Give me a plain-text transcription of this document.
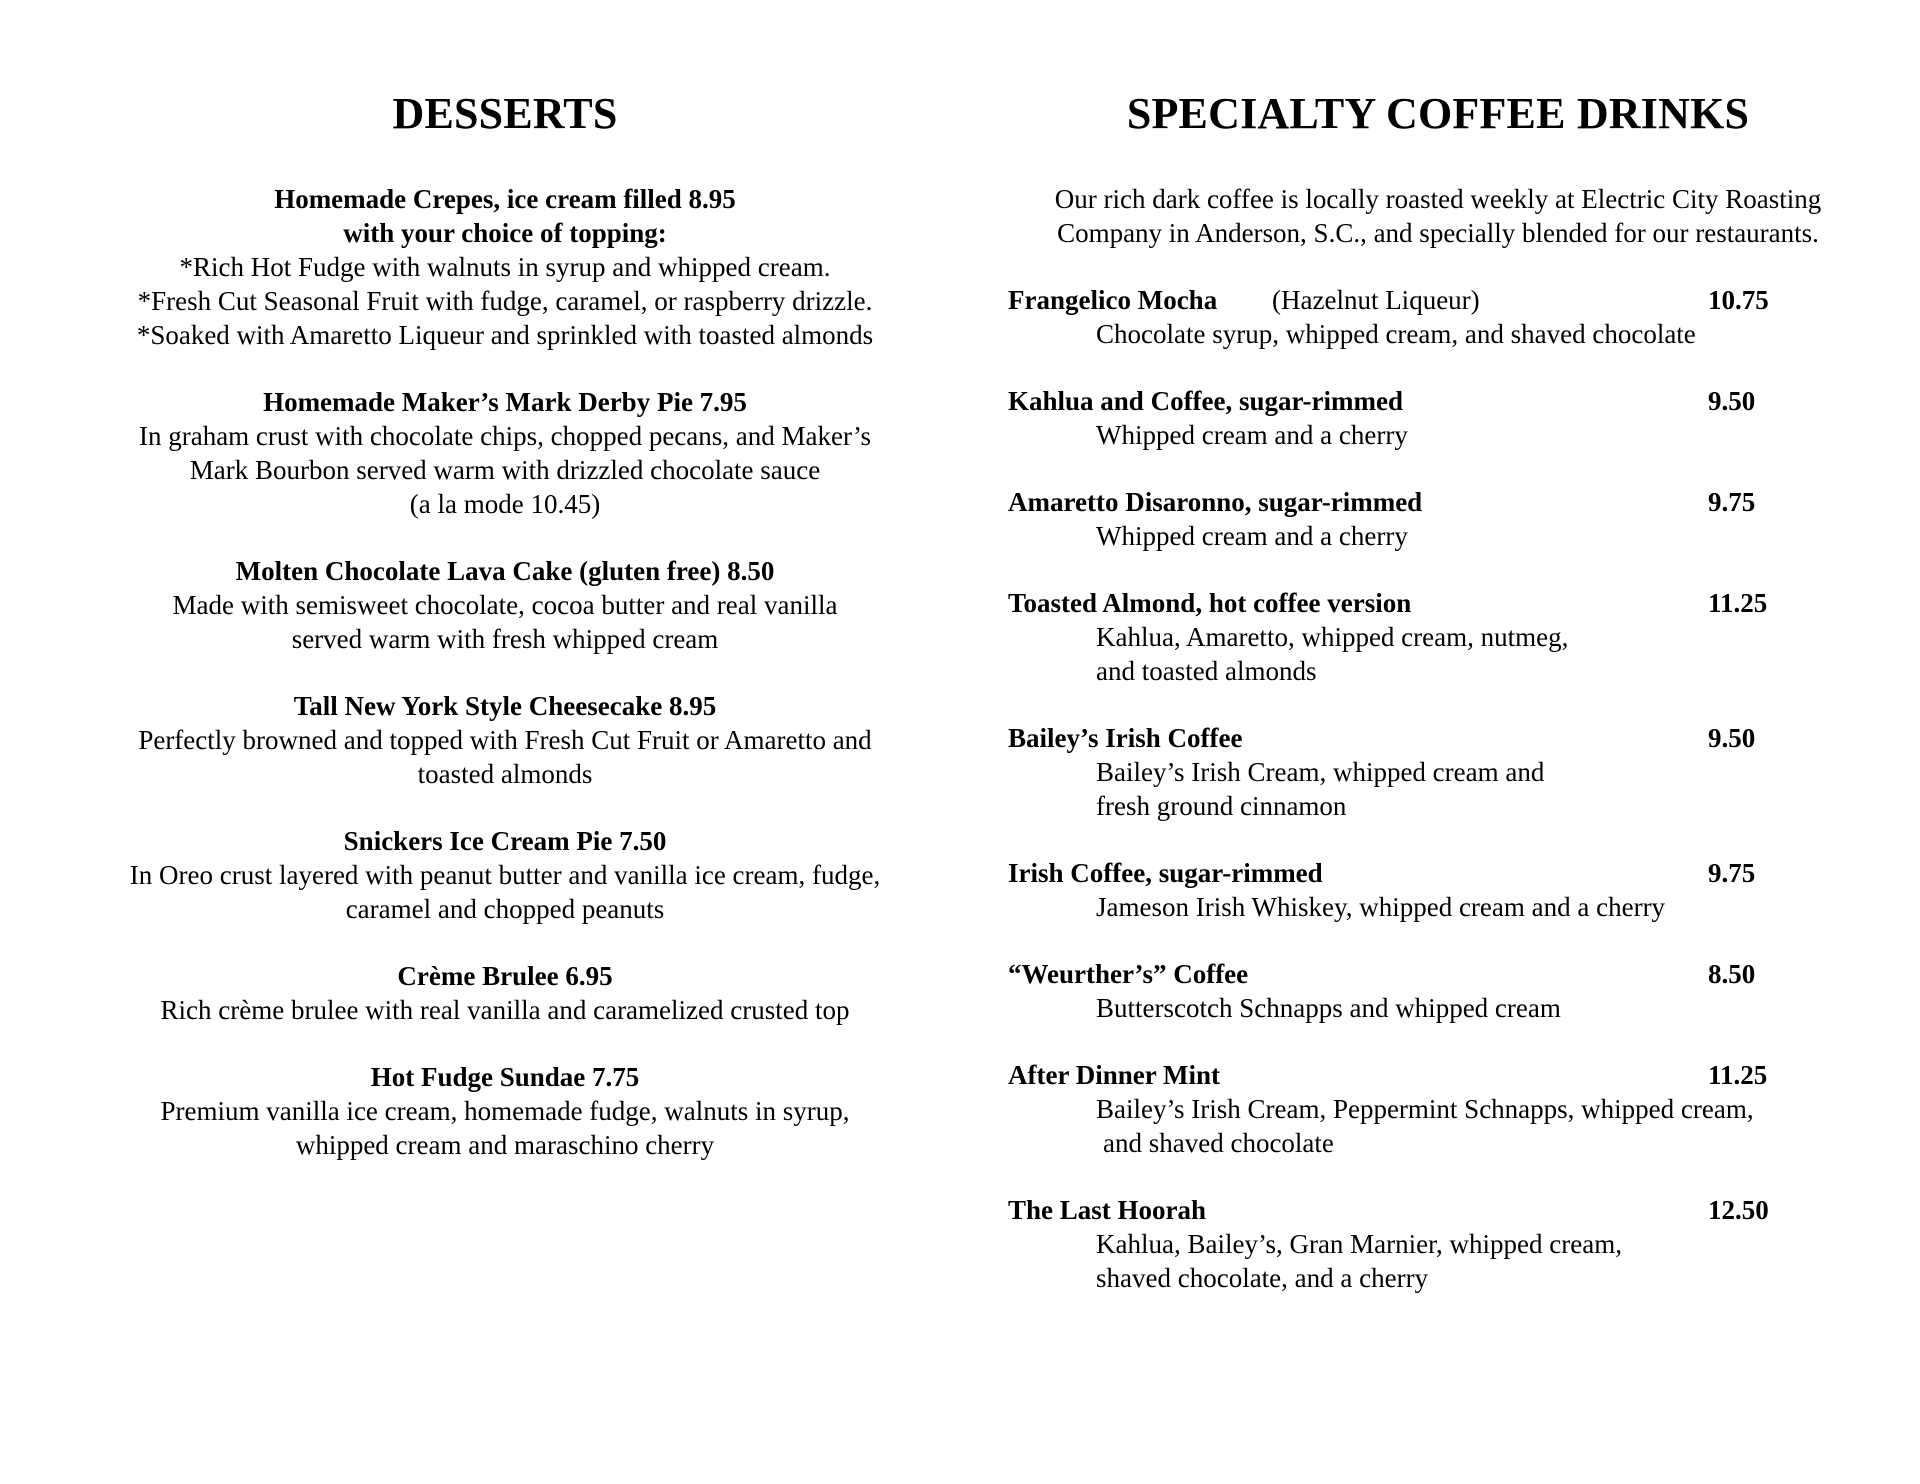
DESSERTS
Homemade Crepes, ice cream filled 8.95
with your choice of topping:
*Rich Hot Fudge with walnuts in syrup and whipped cream.
*Fresh Cut Seasonal Fruit with fudge, caramel, or raspberry drizzle.
*Soaked with Amaretto Liqueur and sprinkled with toasted almonds
Homemade Maker’s Mark Derby Pie 7.95
In graham crust with chocolate chips, chopped pecans, and Maker’s
Mark Bourbon served warm with drizzled chocolate sauce
(a la mode 10.45)
Molten Chocolate Lava Cake (gluten free) 8.50
Made with semisweet chocolate, cocoa butter and real vanilla
served warm with fresh whipped cream
Tall New York Style Cheesecake 8.95
Perfectly browned and topped with Fresh Cut Fruit or Amaretto and
toasted almonds
Snickers Ice Cream Pie 7.50
In Oreo crust layered with peanut butter and vanilla ice cream, fudge,
caramel and chopped peanuts
Crème Brulee 6.95
Rich crème brulee with real vanilla and caramelized crusted top
Hot Fudge Sundae 7.75
Premium vanilla ice cream, homemade fudge, walnuts in syrup,
whipped cream and maraschino cherry
SPECIALTY COFFEE DRINKS
Our rich dark coffee is locally roasted weekly at Electric City Roasting
Company in Anderson, S.C., and specially blended for our restaurants.
Frangelico Mocha (Hazelnut Liqueur)	10.75
Chocolate syrup, whipped cream, and shaved chocolate
Kahlua and Coffee, sugar-rimmed	9.50
Whipped cream and a cherry
Amaretto Disaronno, sugar-rimmed	9.75
Whipped cream and a cherry
Toasted Almond, hot coffee version	11.25
Kahlua, Amaretto, whipped cream, nutmeg,
and toasted almonds
Bailey’s Irish Coffee	9.50
Bailey’s Irish Cream, whipped cream and
fresh ground cinnamon
Irish Coffee, sugar-rimmed	9.75
Jameson Irish Whiskey, whipped cream and a cherry
“Weurther’s” Coffee	8.50
Butterscotch Schnapps and whipped cream
After Dinner Mint	11.25
Bailey’s Irish Cream, Peppermint Schnapps, whipped cream,
and shaved chocolate
The Last Hoorah	12.50
Kahlua, Bailey’s, Gran Marnier, whipped cream,
shaved chocolate, and a cherry
